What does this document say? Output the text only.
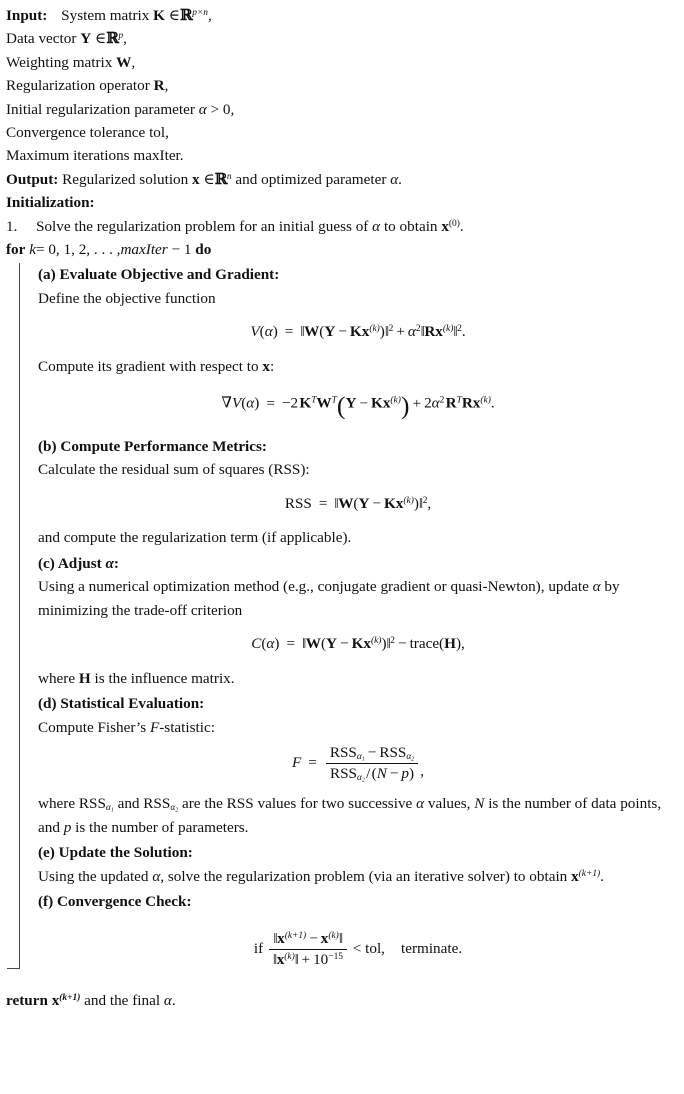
Input: System matrix K ∈ℝ$^{p\times n}$,
Data vector Y ∈ℝ$^p$,
Weighting matrix W,
Regularization operator R,
Initial regularization parameter α > 0,
Convergence tolerance tol,
Maximum iterations maxIter.
Output: Regularized solution x ∈ℝ$^n$ and optimized parameter α.
Initialization:
1.	Solve the regularization problem for an initial guess of α to obtain $x^{(0)}$.
for k= 0, 1, 2, . . . ,maxIter − 1 do
(a) Evaluate Objective and Gradient:
Define the objective function
V(α) = ‖W(Y − $Kx^{(k)})‖^2$ + $\alpha^2‖Rx^{(k)}‖^2$.
Compute its gradient with respect to x:
∇V(α) = −2 $K^TW^T(Y - Kx^{(k)}) + 2\alpha^2$ $R^TRx^{(k)}$.
(b) Compute Performance Metrics:
Calculate the residual sum of squares (RSS):
RSS = ‖W(Y − $Kx^{(k)})‖^2$,
and compute the regularization term (if applicable).
(c) Adjust α:
Using a numerical optimization method (e.g., conjugate gradient or quasi-Newton), update α by minimizing the trade-off criterion
C(α) = ‖W(Y − $Kx^{(k)})‖^2$ − trace(H),
where H is the influence matrix.
(d) Statistical Evaluation:
Compute Fisher’s F-statistic:
$F = \frac{RSS_{\alpha_1} - RSS_{\alpha_2}}{RSS_{\alpha_2} / (N - p)}$ ,
where $RSS_{\alpha_1}$ and $RSS_{\alpha_2}$ are the RSS values for two successive α values, N is the number of data points, and p is the number of parameters.
(e) Update the Solution:
Using the updated α, solve the regularization problem (via an iterative solver) to obtain $x^{(k+1)}$.
(f) Convergence Check:
if $\frac{‖x^{(k+1)} - x^{(k)}‖}{‖x^{(k)}‖ + 10^{-15}}$ < tol, terminate.
return $x^{(k+1)}$ and the final α.
